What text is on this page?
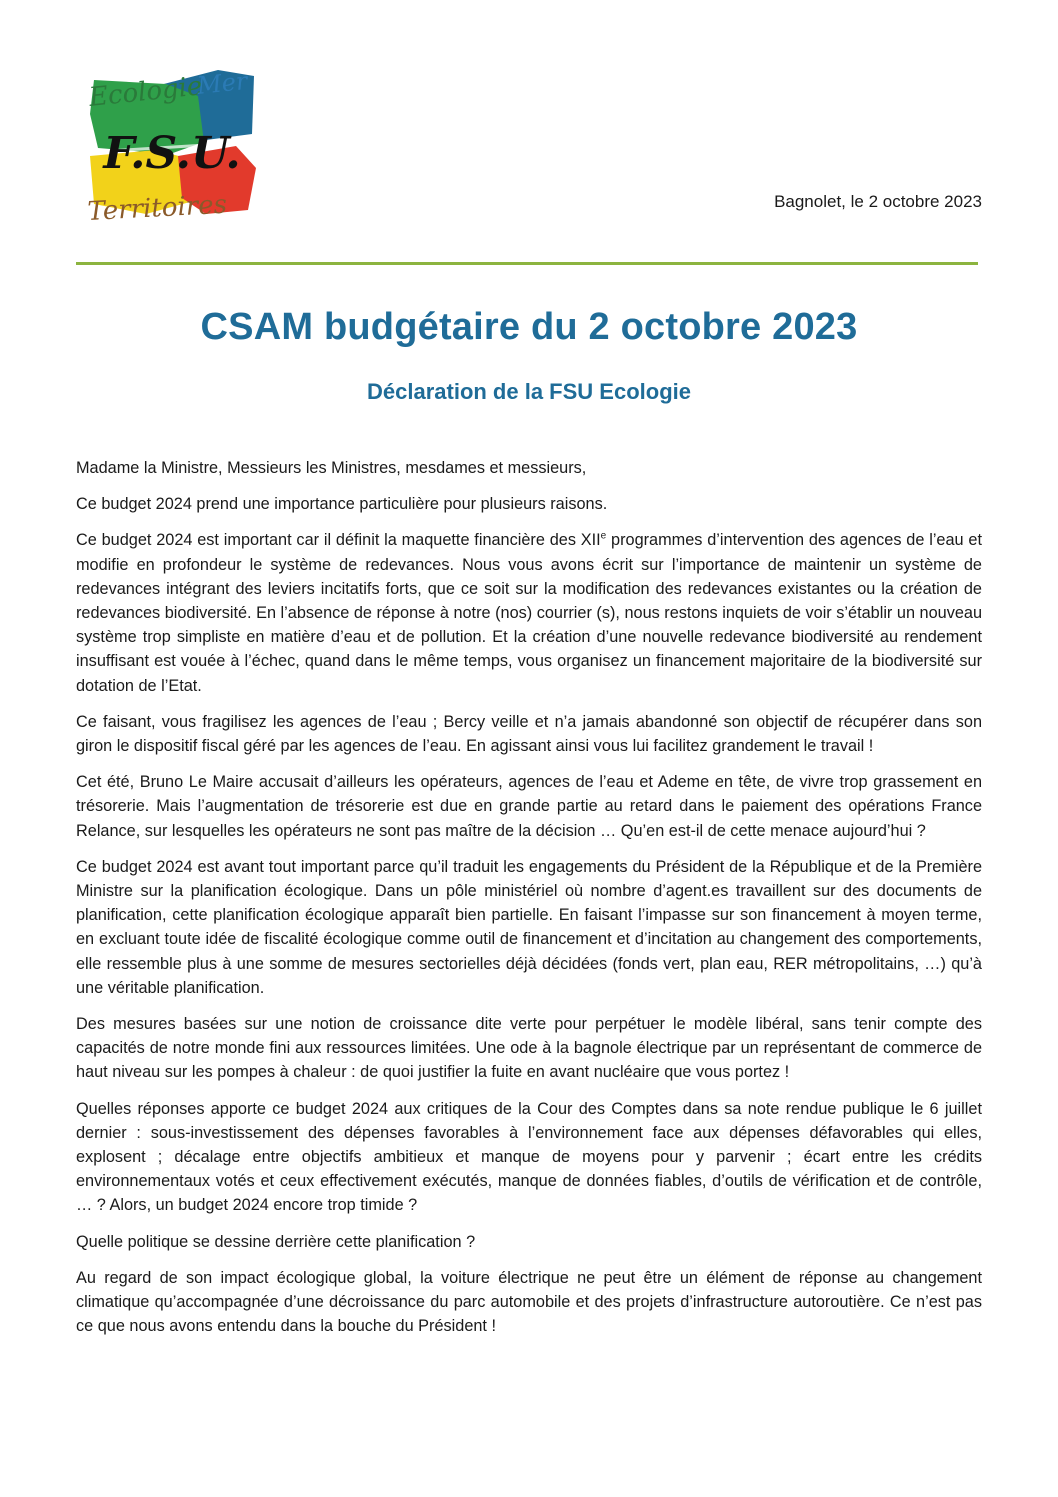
Ecologie
Mer
F.S.U.
Territoires	Bagnolet, le 2 octobre 2023
CSAM budgétaire du 2 octobre 2023
Déclaration de la FSU Ecologie

Madame la Ministre, Messieurs les Ministres, mesdames et messieurs,

Ce budget 2024 prend une importance particulière pour plusieurs raisons.

Ce budget 2024 est important car il définit la maquette financière des XIIe programmes d’intervention des agences de l’eau et modifie en profondeur le système de redevances. Nous vous avons écrit sur l’importance de maintenir un système de redevances intégrant des leviers incitatifs forts, que ce soit sur la modification des redevances existantes ou la création de redevances biodiversité. En l’absence de réponse à notre (nos) courrier (s), nous restons inquiets de voir s’établir un nouveau système trop simpliste en matière d’eau et de pollution. Et la création d’une nouvelle redevance biodiversité au rendement insuffisant est vouée à l’échec, quand dans le même temps, vous organisez un financement majoritaire de la biodiversité sur dotation de l’Etat.

Ce faisant, vous fragilisez les agences de l’eau ; Bercy veille et n’a jamais abandonné son objectif de récupérer dans son giron le dispositif fiscal géré par les agences de l’eau. En agissant ainsi vous lui facilitez grandement le travail !

Cet été, Bruno Le Maire accusait d’ailleurs les opérateurs, agences de l’eau et Ademe en tête, de vivre trop grassement en trésorerie. Mais l’augmentation de trésorerie est due en grande partie au retard dans le paiement des opérations France Relance, sur lesquelles les opérateurs ne sont pas maître de la décision … Qu’en est-il de cette menace aujourd’hui ?

Ce budget 2024 est avant tout important parce qu’il traduit les engagements du Président de la République et de la Première Ministre sur la planification écologique. Dans un pôle ministériel où nombre d’agent.es travaillent sur des documents de planification, cette planification écologique apparaît bien partielle. En faisant l’impasse sur son financement à moyen terme, en excluant toute idée de fiscalité écologique comme outil de financement et d’incitation au changement des comportements, elle ressemble plus à une somme de mesures sectorielles déjà décidées (fonds vert, plan eau, RER métropolitains, …) qu’à une véritable planification.

Des mesures basées sur une notion de croissance dite verte pour perpétuer le modèle libéral, sans tenir compte des capacités de notre monde fini aux ressources limitées. Une ode à la bagnole électrique par un représentant de commerce de haut niveau sur les pompes à chaleur : de quoi justifier la fuite en avant nucléaire que vous portez !

Quelles réponses apporte ce budget 2024 aux critiques de la Cour des Comptes dans sa note rendue publique le 6 juillet dernier : sous-investissement des dépenses favorables à l’environnement face aux dépenses défavorables qui elles, explosent ; décalage entre objectifs ambitieux et manque de moyens pour y parvenir ; écart entre les crédits environnementaux votés et ceux effectivement exécutés, manque de données fiables, d’outils de vérification et de contrôle, … ? Alors, un budget 2024 encore trop timide ?

Quelle politique se dessine derrière cette planification ?

Au regard de son impact écologique global, la voiture électrique ne peut être un élément de réponse au changement climatique qu’accompagnée d’une décroissance du parc automobile et des projets d’infrastructure autoroutière. Ce n’est pas ce que nous avons entendu dans la bouche du Président !
